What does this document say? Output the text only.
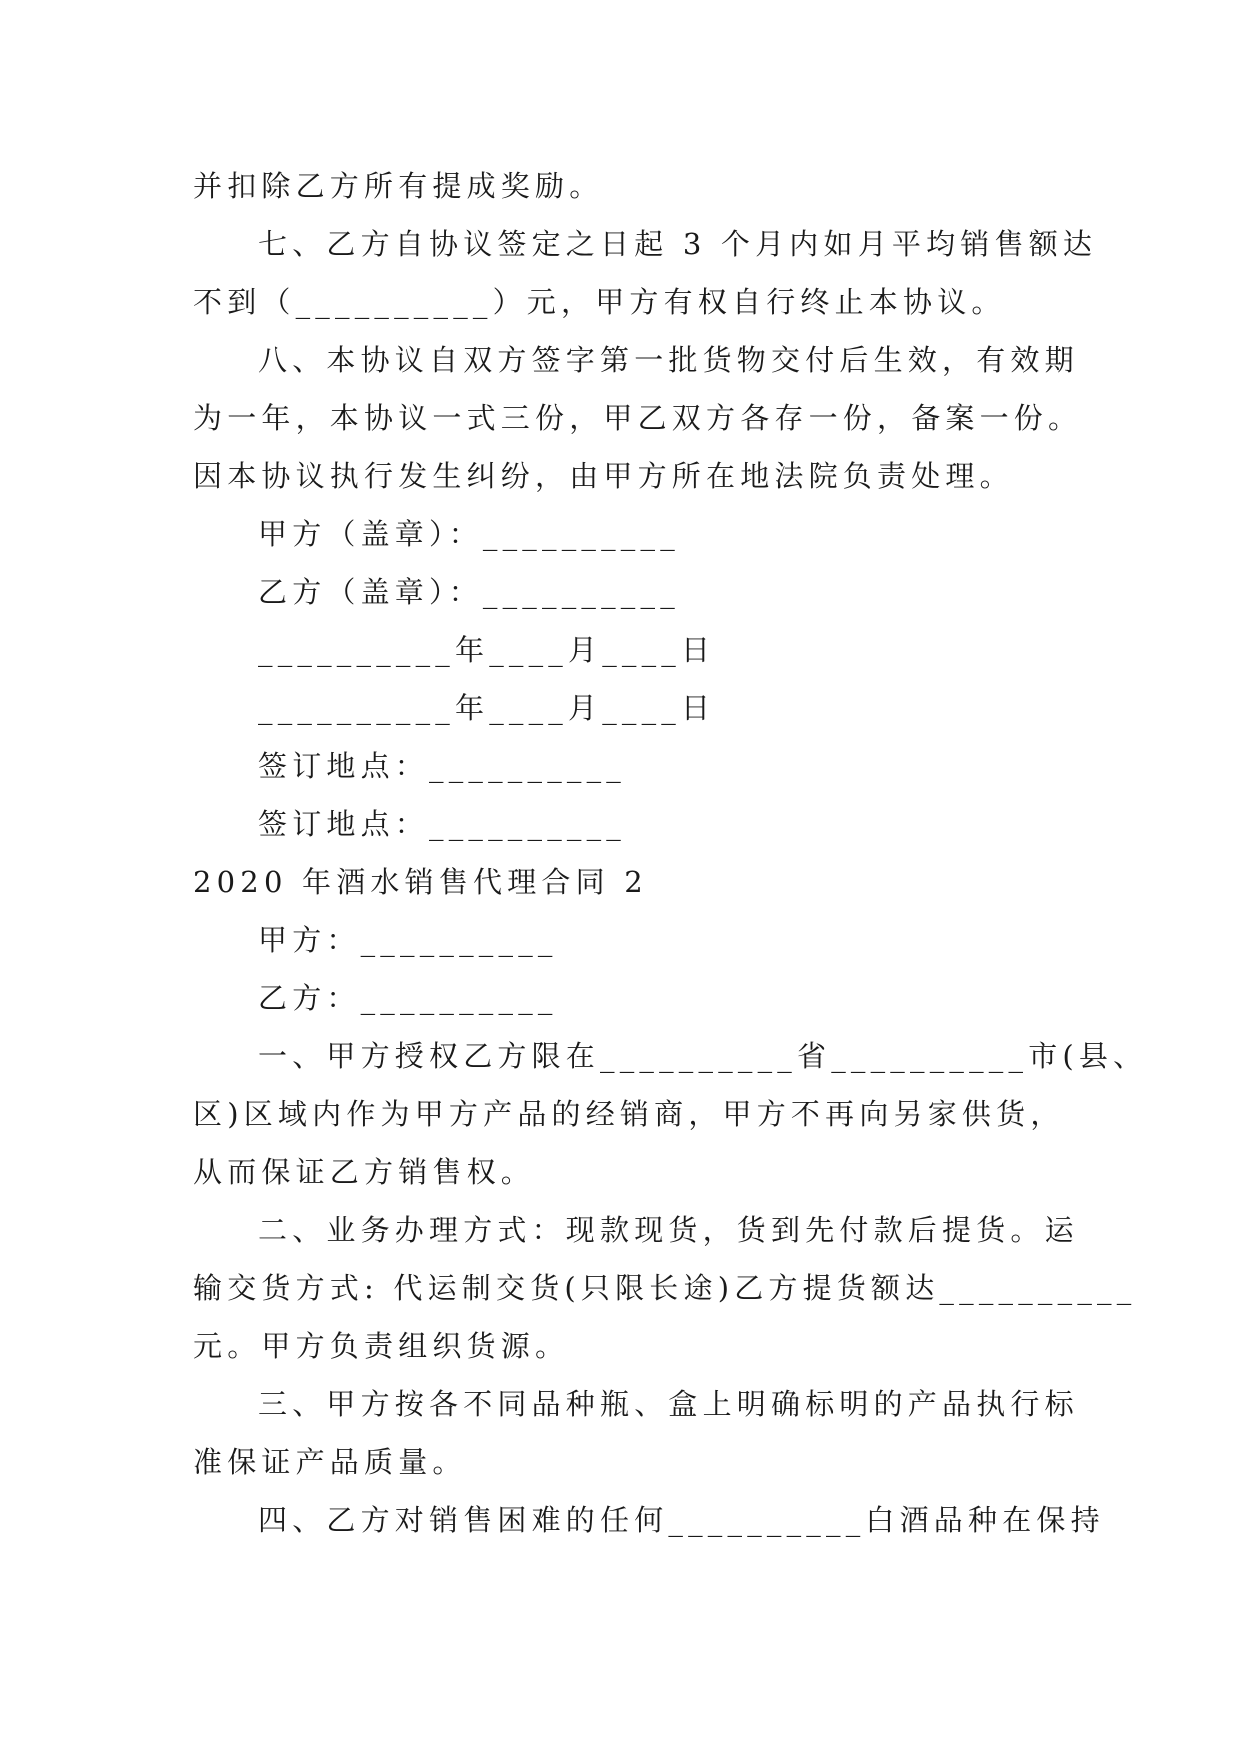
并扣除乙方所有提成奖励。
七、乙方自协议签定之日起 3 个月内如月平均销售额达
不到（__________）元，甲方有权自行终止本协议。
八、本协议自双方签字第一批货物交付后生效，有效期
为一年，本协议一式三份，甲乙双方各存一份，备案一份。
因本协议执行发生纠纷，由甲方所在地法院负责处理。
甲方（盖章）：__________
乙方（盖章）：__________
__________年____月____日
__________年____月____日
签订地点：__________
签订地点：__________
2020 年酒水销售代理合同 2
甲方：__________
乙方：__________
一、甲方授权乙方限在__________省__________市(县、
区)区域内作为甲方产品的经销商，甲方不再向另家供货，
从而保证乙方销售权。
二、业务办理方式：现款现货，货到先付款后提货。运
输交货方式: 代运制交货(只限长途)乙方提货额达__________
元。甲方负责组织货源。
三、甲方按各不同品种瓶、盒上明确标明的产品执行标
准保证产品质量。
四、乙方对销售困难的任何__________白酒品种在保持
